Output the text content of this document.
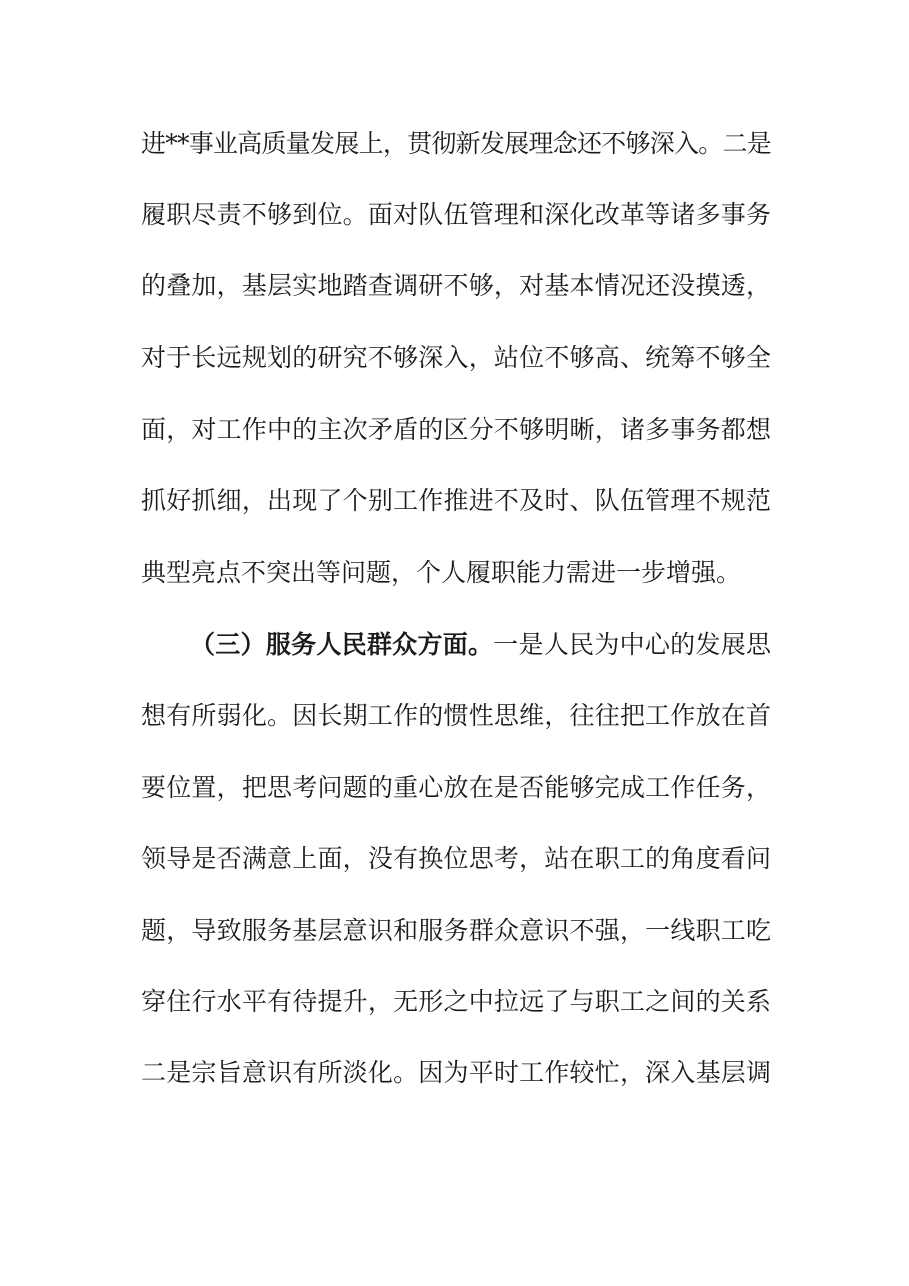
进**事业高质量发展上，贯彻新发展理念还不够深入。二是
履职尽责不够到位。面对队伍管理和深化改革等诸多事务
的叠加，基层实地踏查调研不够，对基本情况还没摸透，
对于长远规划的研究不够深入，站位不够高、统筹不够全
面，对工作中的主次矛盾的区分不够明晰，诸多事务都想
抓好抓细，出现了个别工作推进不及时、队伍管理不规范
典型亮点不突出等问题，个人履职能力需进一步增强。
（三）服务人民群众方面。一是人民为中心的发展思
想有所弱化。因长期工作的惯性思维，往往把工作放在首
要位置，把思考问题的重心放在是否能够完成工作任务，
领导是否满意上面，没有换位思考，站在职工的角度看问
题，导致服务基层意识和服务群众意识不强，一线职工吃
穿住行水平有待提升，无形之中拉远了与职工之间的关系
二是宗旨意识有所淡化。因为平时工作较忙，深入基层调
